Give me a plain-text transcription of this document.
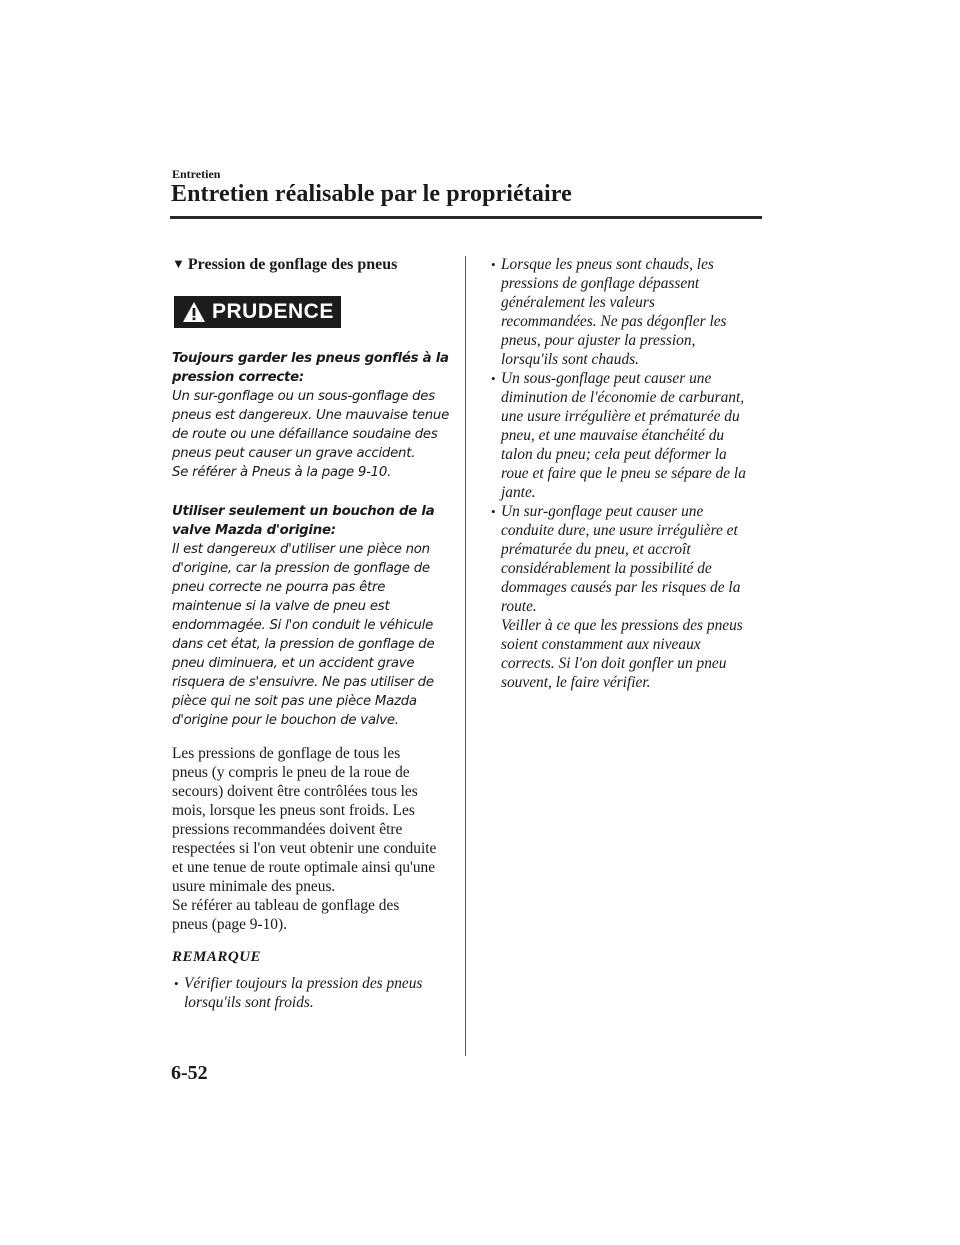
Entretien
Entretien réalisable par le propriétaire
▼ Pression de gonflage des pneus
PRUDENCE

Toujours garder les pneus gonflés à la pression correcte:

Un sur-gonflage ou un sous-gonflage des

pneus est dangereux. Une mauvaise tenue

de route ou une défaillance soudaine des

pneus peut causer un grave accident.

Se référer à Pneus à la page 9-10.

Utiliser seulement un bouchon de la valve Mazda d'origine:

Il est dangereux d'utiliser une pièce non

d'origine, car la pression de gonflage de

pneu correcte ne pourra pas être

maintenue si la valve de pneu est

endommagée. Si l'on conduit le véhicule

dans cet état, la pression de gonflage de

pneu diminuera, et un accident grave

risquera de s'ensuivre. Ne pas utiliser de

pièce qui ne soit pas une pièce Mazda

d'origine pour le bouchon de valve.

Les pressions de gonflage de tous les
pneus (y compris le pneu de la roue de
secours) doivent être contrôlées tous les
mois, lorsque les pneus sont froids. Les
pressions recommandées doivent être
respectées si l'on veut obtenir une conduite
et une tenue de route optimale ainsi qu'une
usure minimale des pneus.
Se référer au tableau de gonflage des
pneus (page 9-10).
REMARQUE
• Vérifier toujours la pression des pneus
lorsqu'ils sont froids.
• Lorsque les pneus sont chauds, les
pressions de gonflage dépassent
généralement les valeurs
recommandées. Ne pas dégonfler les
pneus, pour ajuster la pression,
lorsqu'ils sont chauds.
• Un sous-gonflage peut causer une
diminution de l'économie de carburant,
une usure irrégulière et prématurée du
pneu, et une mauvaise étanchéité du
talon du pneu; cela peut déformer la
roue et faire que le pneu se sépare de la
jante.
• Un sur-gonflage peut causer une
conduite dure, une usure irrégulière et
prématurée du pneu, et accroît
considérablement la possibilité de
dommages causés par les risques de la
route.
Veiller à ce que les pressions des pneus
soient constamment aux niveaux
corrects. Si l'on doit gonfler un pneu
souvent, le faire vérifier.
6-52
